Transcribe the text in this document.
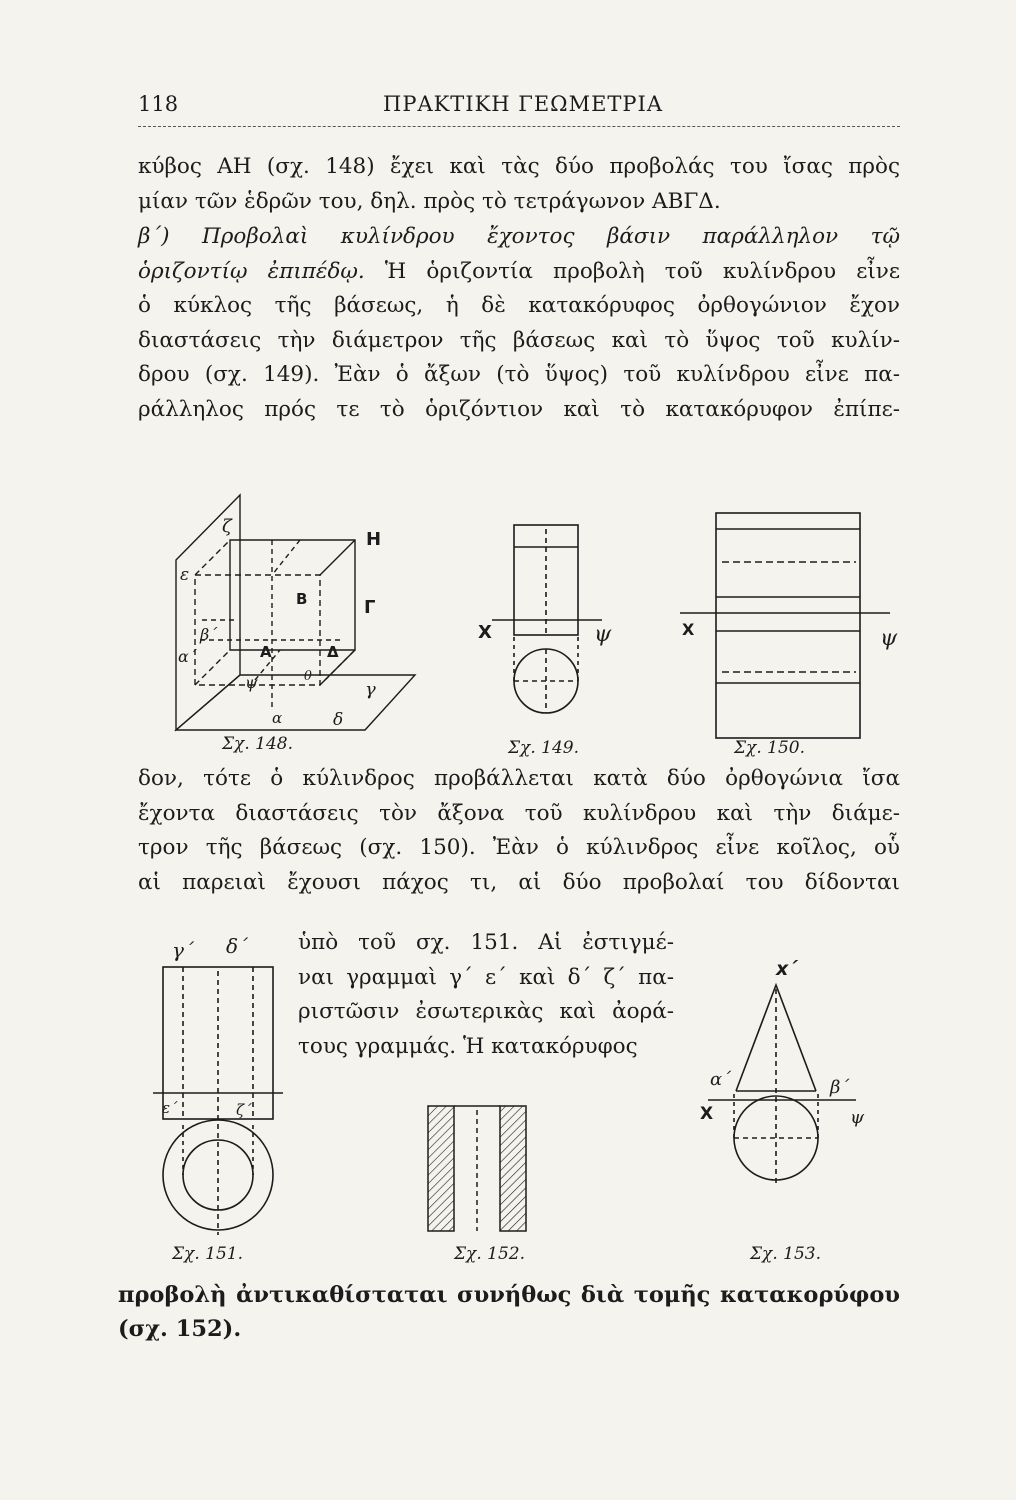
118	ΠΡΑΚΤΙΚΗ ΓΕΩΜΕΤΡΙΑ
κύβος ΑΗ (σχ. 148) ἔχει καὶ τὰς δύο προβολάς του ἴσας πρὸς
μίαν τῶν ἑδρῶν του, δηλ. πρὸς τὸ τετράγωνον ΑΒΓΔ.
β΄) Προβολαὶ κυλίνδρου ἔχοντος βάσιν παράλληλον τῷ
ὁριζοντίῳ ἐπιπέδῳ. Ἡ ὁριζοντία προβολὴ τοῦ κυλίνδρου εἶνε
ὁ κύκλος τῆς βάσεως, ἡ δὲ κατακόρυφος ὀρθογώνιον ἔχον
διαστάσεις τὴν διάμετρον τῆς βάσεως καὶ τὸ ὕψος τοῦ κυλίν-
δρου (σχ. 149). Ἐὰν ὁ ἄξων (τὸ ὕψος) τοῦ κυλίνδρου εἶνε πα-
ράλληλος πρός τε τὸ ὁριζόντιον καὶ τὸ κατακόρυφον ἐπίπε-
ζ
Η
ε
Β	Γ
β΄
α΄	Α	Δ
ψ	θ
γ
α	δ
Σχ. 148.
Χ	ψ
Σχ. 149.
Χ	ψ
Σχ. 150.
δον, τότε ὁ κύλινδρος προβάλλεται κατὰ δύο ὀρθογώνια ἴσα
ἔχοντα διαστάσεις τὸν ἄξονα τοῦ κυλίνδρου καὶ τὴν διάμε-
τρον τῆς βάσεως (σχ. 150). Ἐὰν ὁ κύλινδρος εἶνε κοῖλος, οὗ
αἱ παρειαὶ ἔχουσι πάχος τι, αἱ δύο προβολαί του δίδονται
ὑπὸ τοῦ σχ. 151. Αἱ ἐστιγμέ-
ναι γραμμαὶ γ΄ ε΄ καὶ δ΄ ζ΄ πα-
ριστῶσιν ἐσωτερικὰς καὶ ἀορά-
τους γραμμάς. Ἡ κατακόρυφος
γ΄ δ΄
ε΄	ζ΄
Σχ. 151.	Σχ. 152.
x΄
α΄	β΄
Χ	ψ
Σχ. 153.
προβολὴ ἀντικαθίσταται συνήθως διὰ τομῆς κατακορύφου
(σχ. 152).
